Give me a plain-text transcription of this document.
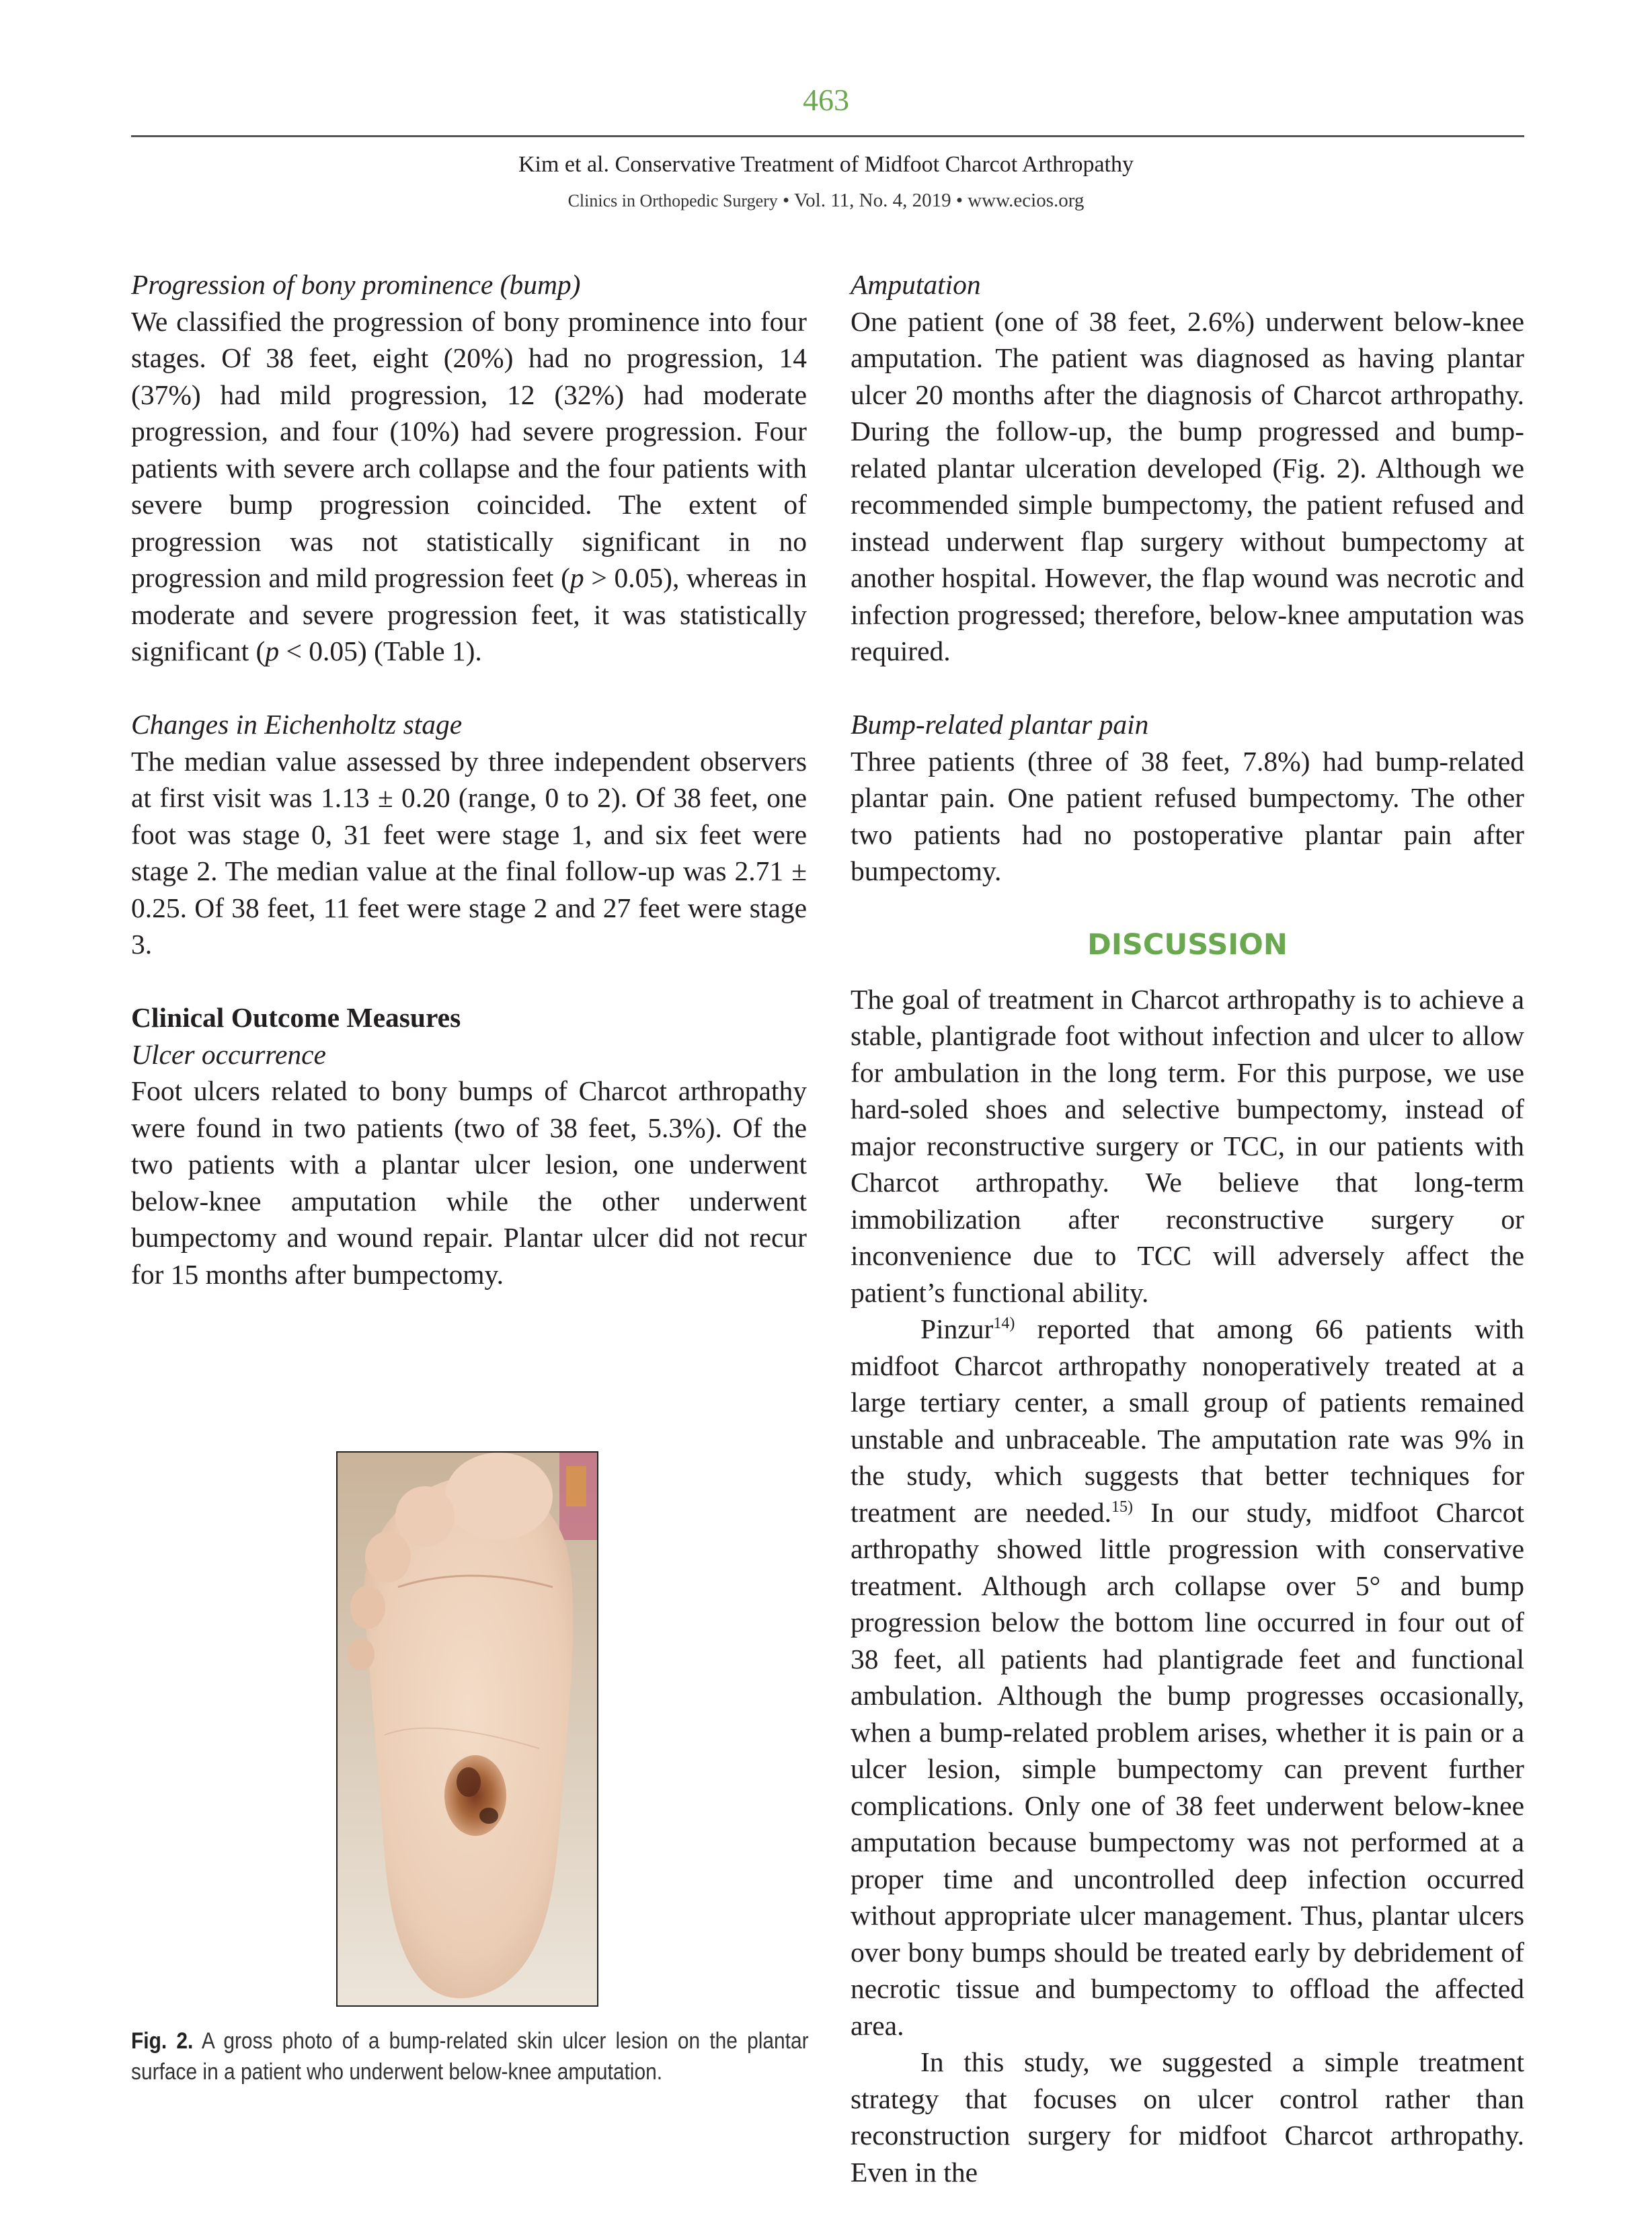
463
Kim et al. Conservative Treatment of Midfoot Charcot Arthropathy
Clinics in Orthopedic Surgery • Vol. 11, No. 4, 2019 • www.ecios.org
Progression of bony prominence (bump)

We classified the progression of bony prominence into four stages. Of 38 feet, eight (20%) had no progression, 14 (37%) had mild progression, 12 (32%) had moderate progression, and four (10%) had severe progression. Four patients with severe arch collapse and the four patients with severe bump progression coincided. The extent of progression was not statistically significant in no progression and mild progression feet (p > 0.05), whereas in moderate and severe progression feet, it was statistically significant (p < 0.05) (Table 1).

Changes in Eichenholtz stage

The median value assessed by three independent observers at first visit was 1.13 ± 0.20 (range, 0 to 2). Of 38 feet, one foot was stage 0, 31 feet were stage 1, and six feet were stage 2. The median value at the final follow-up was 2.71 ± 0.25. Of 38 feet, 11 feet were stage 2 and 27 feet were stage 3.

Clinical Outcome Measures
Ulcer occurrence

Foot ulcers related to bony bumps of Charcot arthropathy were found in two patients (two of 38 feet, 5.3%). Of the two patients with a plantar ulcer lesion, one underwent below-knee amputation while the other underwent bumpectomy and wound repair. Plantar ulcer did not recur for 15 months after bumpectomy.

Fig. 2. A gross photo of a bump-related skin ulcer lesion on the plantar surface in a patient who underwent below-knee amputation.
Amputation

One patient (one of 38 feet, 2.6%) underwent below-knee amputation. The patient was diagnosed as having plantar ulcer 20 months after the diagnosis of Charcot arthropathy. During the follow-up, the bump progressed and bump-related plantar ulceration developed (Fig. 2). Although we recommended simple bumpectomy, the patient refused and instead underwent flap surgery without bumpectomy at another hospital. However, the flap wound was necrotic and infection progressed; therefore, below-knee amputation was required.

Bump-related plantar pain

Three patients (three of 38 feet, 7.8%) had bump-related plantar pain. One patient refused bumpectomy. The other two patients had no postoperative plantar pain after bumpectomy.

DISCUSSION

The goal of treatment in Charcot arthropathy is to achieve a stable, plantigrade foot without infection and ulcer to allow for ambulation in the long term. For this purpose, we use hard-soled shoes and selective bumpectomy, instead of major reconstructive surgery or TCC, in our patients with Charcot arthropathy. We believe that long-term immobilization after reconstructive surgery or inconvenience due to TCC will adversely affect the patient’s functional ability.

Pinzur$^{14)}$ reported that among 66 patients with midfoot Charcot arthropathy nonoperatively treated at a large tertiary center, a small group of patients remained unstable and unbraceable. The amputation rate was 9% in the study, which suggests that better techniques for treatment are needed.$^{15)}$ In our study, midfoot Charcot arthropathy showed little progression with conservative treatment. Although arch collapse over 5° and bump progression below the bottom line occurred in four out of 38 feet, all patients had plantigrade feet and functional ambulation. Although the bump progresses occasionally, when a bump-related problem arises, whether it is pain or a ulcer lesion, simple bumpectomy can prevent further complications. Only one of 38 feet underwent below-knee amputation because bumpectomy was not performed at a proper time and uncontrolled deep infection occurred without appropriate ulcer management. Thus, plantar ulcers over bony bumps should be treated early by debridement of necrotic tissue and bumpectomy to offload the affected area.

In this study, we suggested a simple treatment strategy that focuses on ulcer control rather than reconstruction surgery for midfoot Charcot arthropathy. Even in the
